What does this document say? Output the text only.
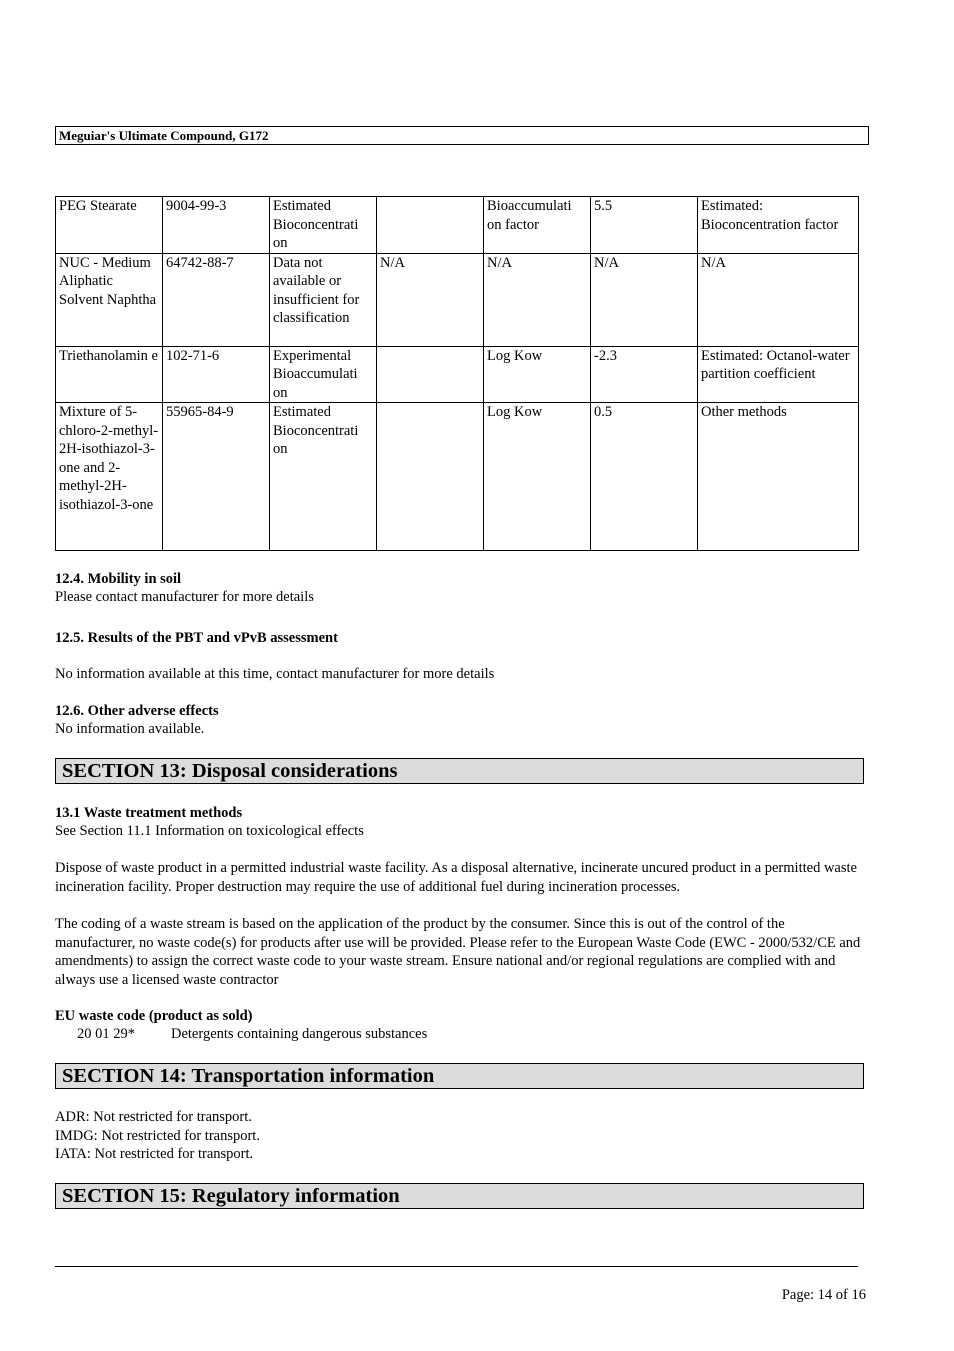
Meguiar's Ultimate Compound, G172
PEG Stearate	9004-99-3	Estimated Bioconcentrati on		Bioaccumulati on factor	5.5	Estimated: Bioconcentration factor
NUC - Medium Aliphatic Solvent Naphtha	64742-88-7	Data not available or insufficient for classification	N/A	N/A	N/A	N/A
Triethanolamin e	102-71-6	Experimental Bioaccumulati on		Log Kow	-2.3	Estimated: Octanol-water partition coefficient
Mixture of 5-chloro-2-methyl-2H-isothiazol-3-one and 2-methyl-2H-isothiazol-3-one	55965-84-9	Estimated Bioconcentrati on		Log Kow	0.5	Other methods
12.4. Mobility in soil
Please contact manufacturer for more details
12.5. Results of the PBT and vPvB assessment
No information available at this time, contact manufacturer for more details
12.6. Other adverse effects
No information available.
SECTION 13: Disposal considerations
13.1 Waste treatment methods
See Section 11.1 Information on toxicological effects
Dispose of waste product in a permitted industrial waste facility. As a disposal alternative, incinerate uncured product in a permitted waste incineration facility. Proper destruction may require the use of additional fuel during incineration processes.
The coding of a waste stream is based on the application of the product by the consumer. Since this is out of the control of the manufacturer, no waste code(s) for products after use will be provided. Please refer to the European Waste Code (EWC - 2000/532/CE and amendments) to assign the correct waste code to your waste stream. Ensure national and/or regional regulations are complied with and always use a licensed waste contractor
EU waste code (product as sold)
20 01 29* Detergents containing dangerous substances
SECTION 14: Transportation information
ADR: Not restricted for transport.
IMDG: Not restricted for transport.
IATA: Not restricted for transport.
SECTION 15: Regulatory information
Page: 14 of 16
